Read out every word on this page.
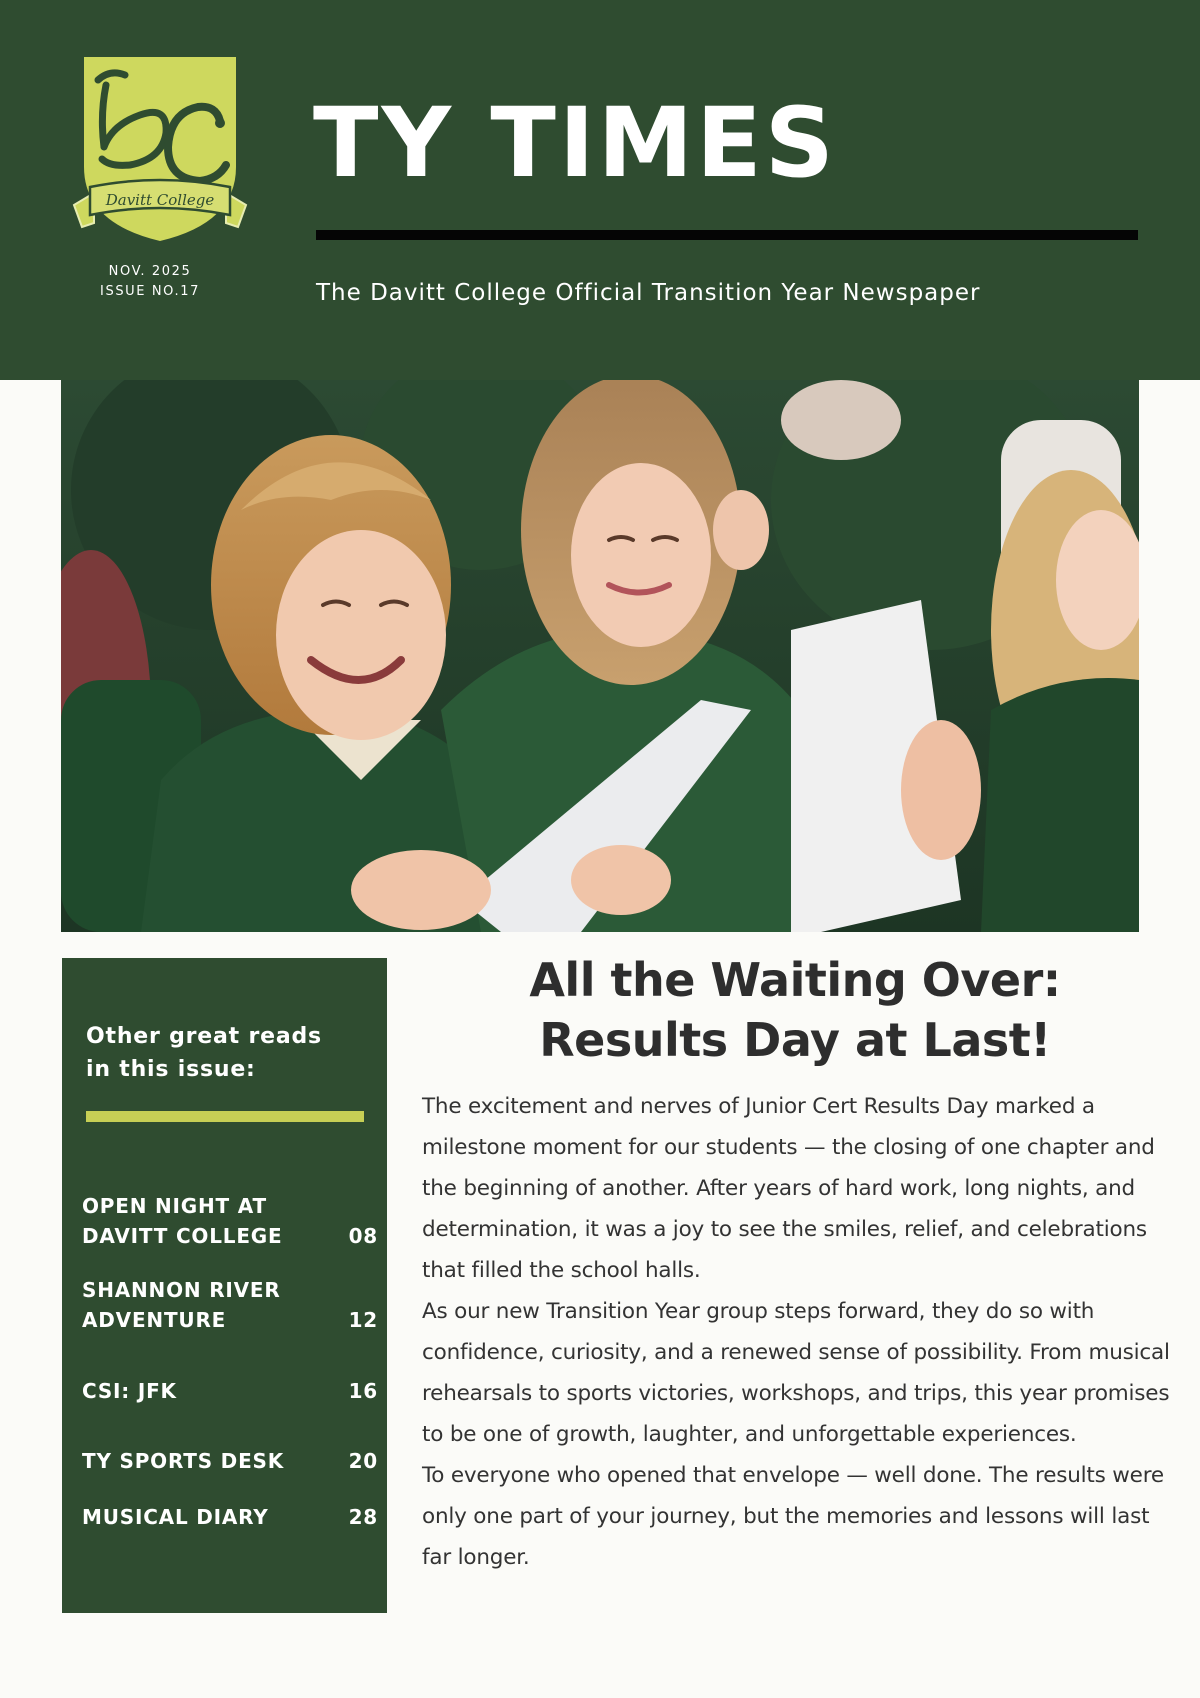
Davitt College
NOV. 2025
ISSUE NO.17
TY TIMES
The Davitt College Official Transition Year Newspaper
Other great reads
in this issue:
OPEN NIGHT AT DAVITT COLLEGE	08
SHANNON RIVER ADVENTURE	12
CSI: JFK	16
TY SPORTS DESK	20
MUSICAL DIARY	28
All the Waiting Over:
Results Day at Last!

The excitement and nerves of Junior Cert Results Day marked a milestone moment for our students — the closing of one chapter and the beginning of another. After years of hard work, long nights, and determination, it was a joy to see the smiles, relief, and celebrations that filled the school halls.

As our new Transition Year group steps forward, they do so with confidence, curiosity, and a renewed sense of possibility. From musical rehearsals to sports victories, workshops, and trips, this year promises to be one of growth, laughter, and unforgettable experiences.

To everyone who opened that envelope — well done. The results were only one part of your journey, but the memories and lessons will last far longer.
